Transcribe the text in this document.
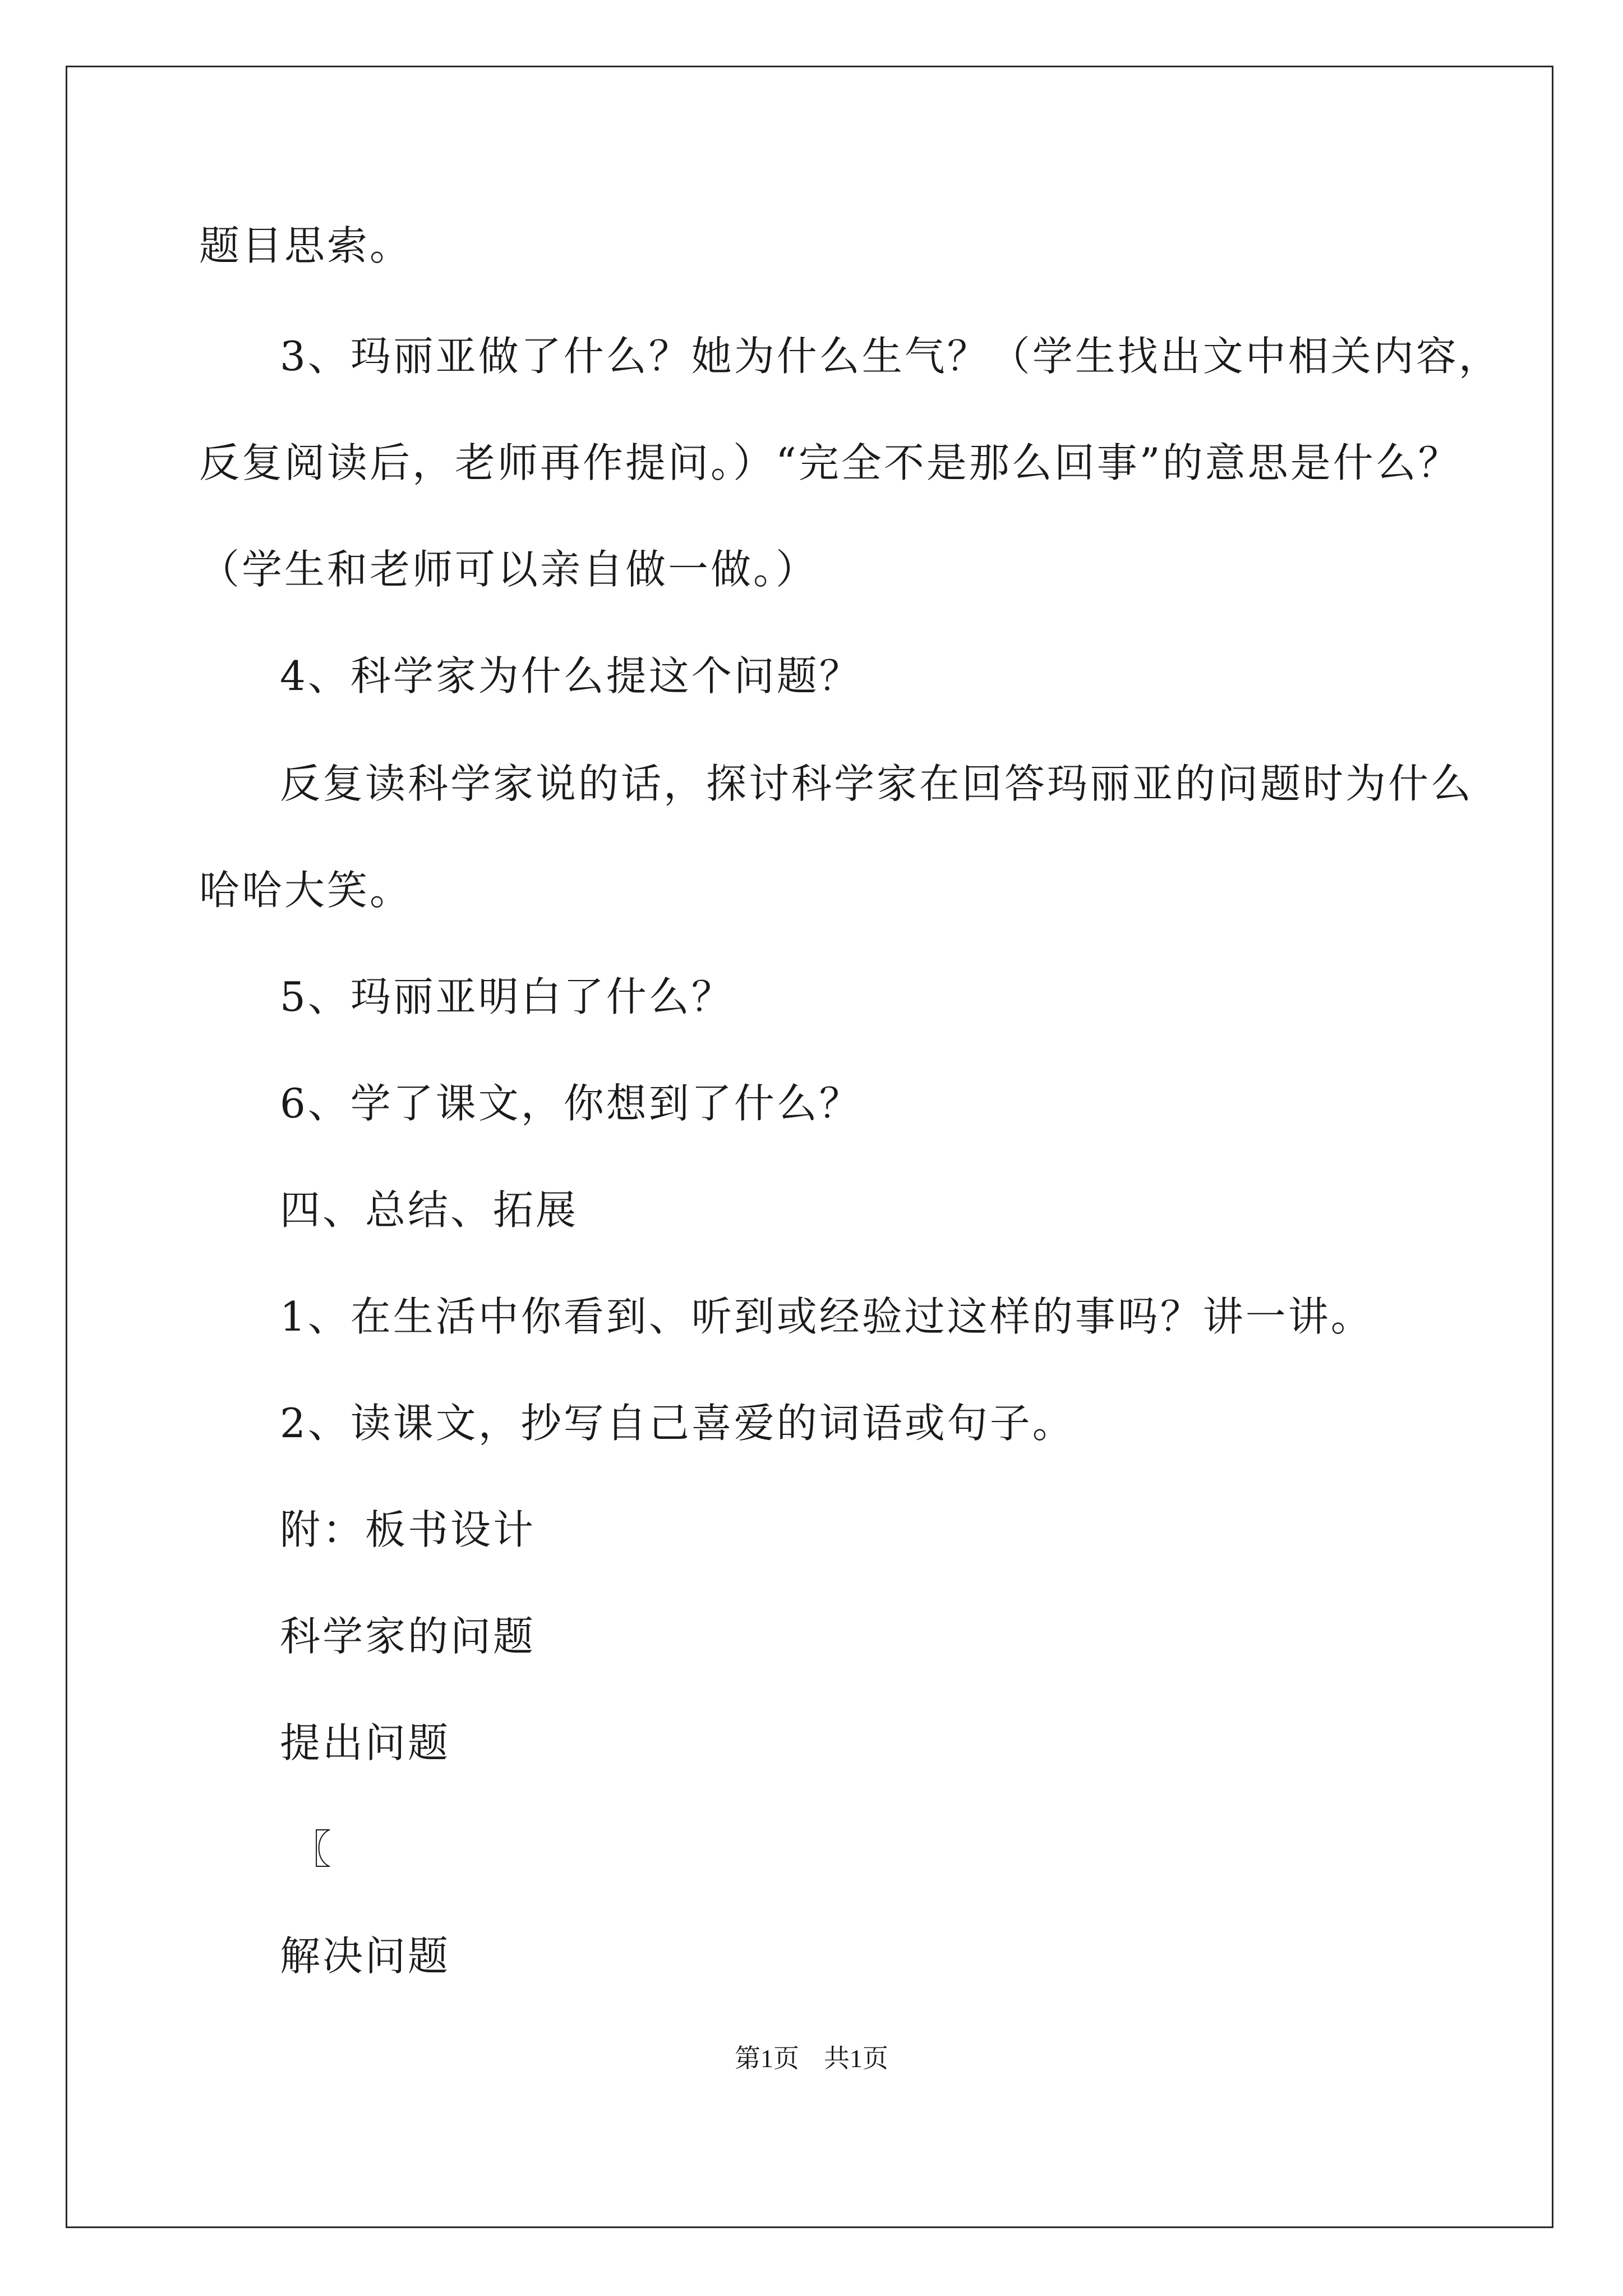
题目思索。
3、玛丽亚做了什么？她为什么生气？（学生找出文中相关内容，
反复阅读后，老师再作提问。）“完全不是那么回事”的意思是什么？
（学生和老师可以亲自做一做。）
4、科学家为什么提这个问题？
反复读科学家说的话，探讨科学家在回答玛丽亚的问题时为什么
哈哈大笑。
5、玛丽亚明白了什么？
6、学了课文，你想到了什么？
四、总结、拓展
1、在生活中你看到、听到或经验过这样的事吗？讲一讲。
2、读课文，抄写自己喜爱的词语或句子。
附：板书设计
科学家的问题
提出问题
〖
解决问题
第1页 共1页
